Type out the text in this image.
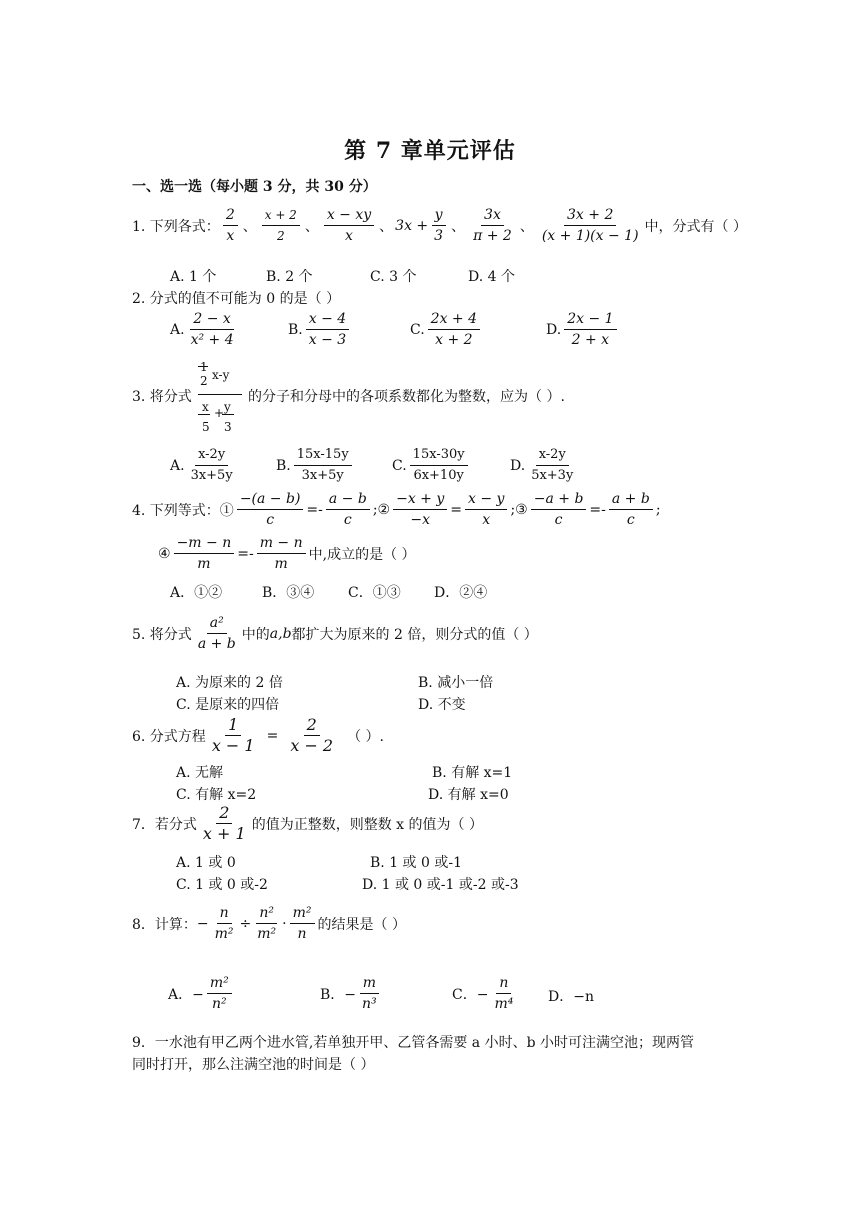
第 7 章单元评估
一、选一选（每小题 3 分，共 30 分）
1. 下列各式： $\frac{2}{x}$ 、 $\frac{x + 2}{2}$ 、 $\frac{x - xy}{x}$ 、 $3x + \frac{y}{3}$ 、 $\frac{3x}{\pi + 2}$ 、 $\frac{3x + 2}{(x + 1)(x - 1)}$ 中，分式有（ ）
A. 1 个	B. 2 个	C. 3 个	D. 4 个
2. 分式的值不可能为 0 的是（ ）
A. $\frac{2 - x}{\text{x² + 4}}$	B. $\frac{x - 4}{x - 3}$	C. $\frac{2x + 4}{x + 2}$	D. $\frac{2x - 1}{2 + x}$
3. 将分式
1
2 x-y
x
5
+ y
3
的分子和分母中的各项系数都化为整数，应为（ ）.
A. $\frac{x-2y}{3x+5y}$	B. $\frac{15x-15y}{3x+5y}$	C. $\frac{15x-30y}{6x+10y}$	D. $\frac{x-2y}{5x+3y}$
4. 下列等式：① $\frac{-(a - b)}{c} =- \frac{a - b}{c}$ ;② $\frac{-x + y}{-x} = \frac{x - y}{x}$ ;③ $\frac{-a + b}{c} =- \frac{a + b}{c}$ ;
④ $\frac{-m - n}{m} =- \frac{m - n}{m}$ 中,成立的是（ ）
A．①②	B．③④ C．①③ D．②④
5. 将分式 $\frac{\text{a²}}{a + b}$ 中的 a,b 都扩大为原来的 2 倍，则分式的值（ ）
A. 为原来的 2 倍	B. 减小一倍
C. 是原来的四倍	D. 不变
6. 分式方程 $\frac{1}{x - 1} = \frac{2}{x - 2}$ （ ）.
A. 无解	B. 有解 x=1
C. 有解 x=2	D. 有解 x=0
7．若分式 $\frac{2}{x + 1}$ 的值为正整数，则整数 x 的值为（ ）
A. 1 或 0	B. 1 或 0 或-1
C. 1 或 0 或-2	D. 1 或 0 或-1 或-2 或-3
8．计算： − $\frac{n}{\text{m²}} \div \frac{\text{n²}}{\text{m²}} \cdot \frac{\text{m²}}{n}$ 的结果是（ ）
A．− $\frac{\text{m²}}{\text{n²}}$	B．− $\frac{m}{\text{n³}}$	C．− $\frac{n}{\text{m⁴}}$ D．−n
9．一水池有甲乙两个进水管,若单独开甲、乙管各需要 a 小时、b 小时可注满空池；现两管
同时打开，那么注满空池的时间是（ ）
